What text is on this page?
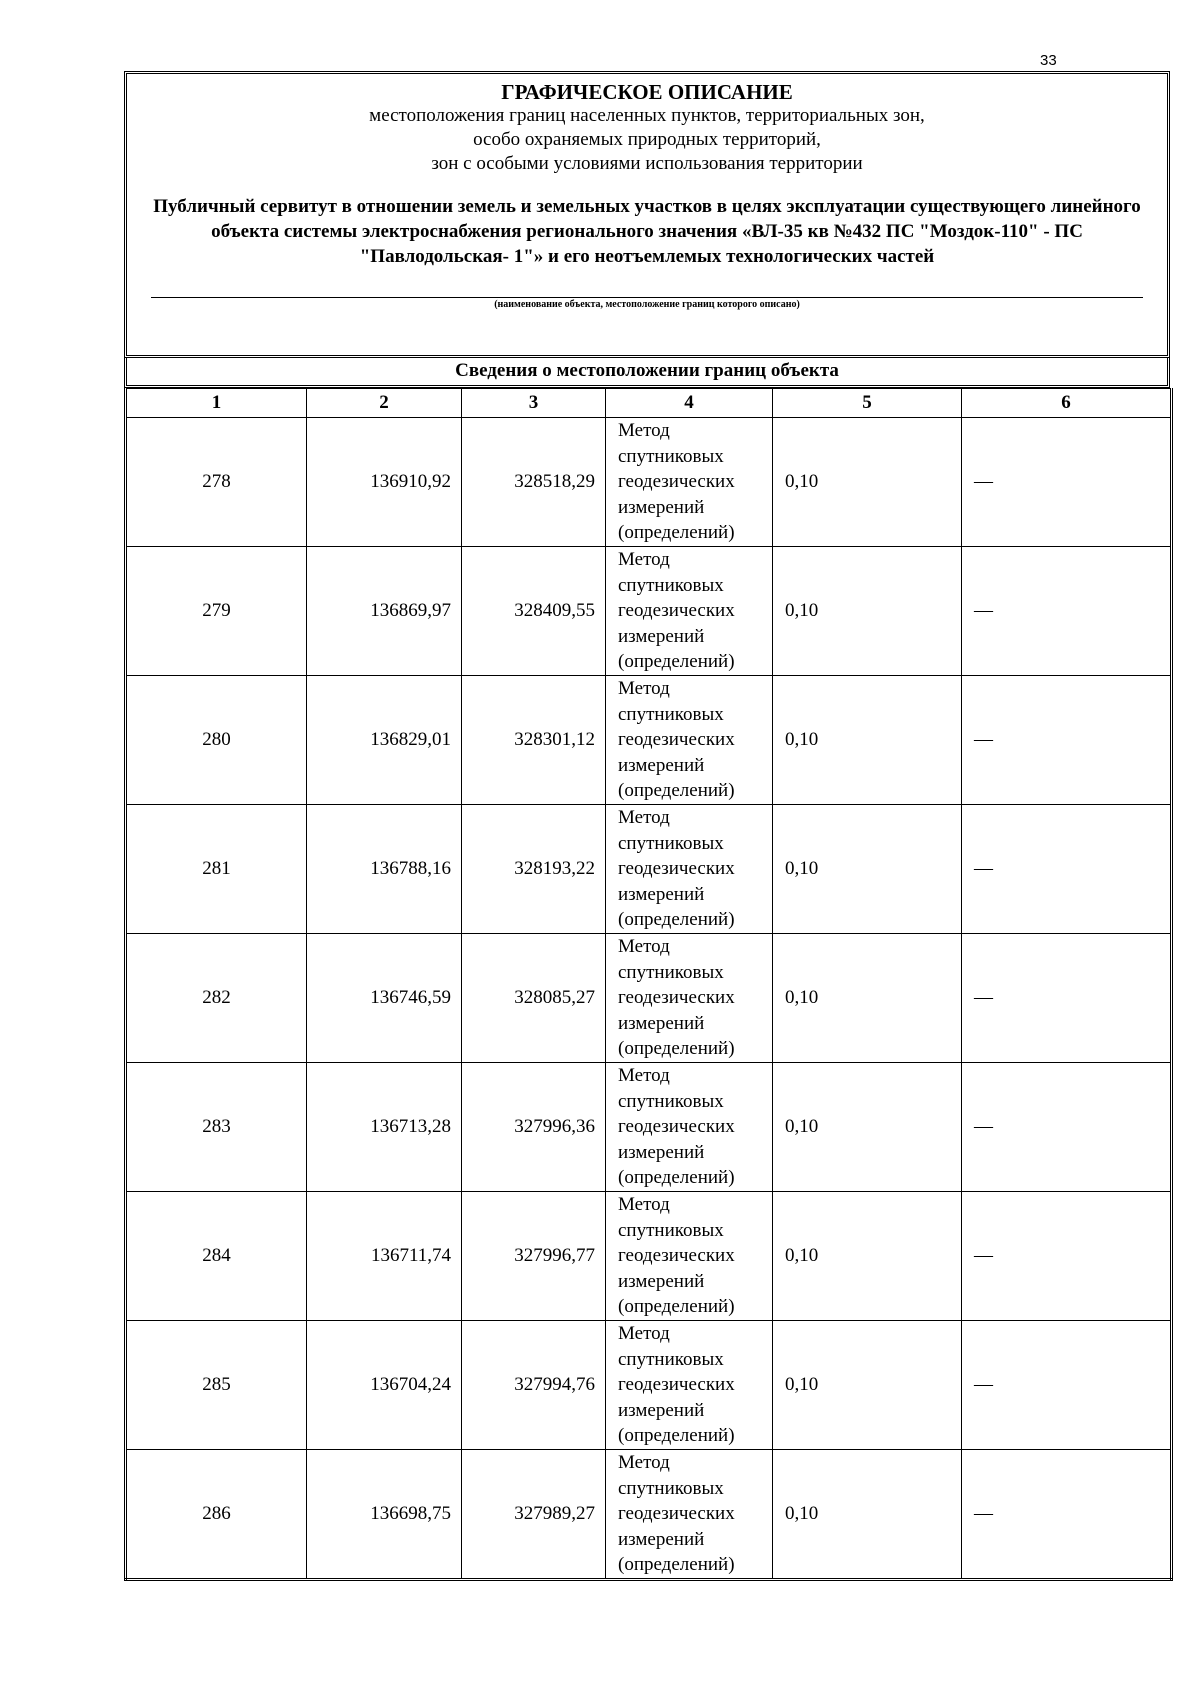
33
ГРАФИЧЕСКОЕ ОПИСАНИЕ
местоположения границ населенных пунктов, территориальных зон,
особо охраняемых природных территорий,
зон с особыми условиями использования территории
Публичный сервитут в отношении земель и земельных участков в целях эксплуатации существующего линейного объекта системы электроснабжения регионального значения «ВЛ-35 кв №432 ПС "Моздок-110" - ПС "Павлодольская- 1"» и его неотъемлемых технологических частей
(наименование объекта, местоположение границ которого описано)
Сведения о местоположении границ объекта
1	2	3	4	5	6
278	136910,92	328518,29	Метод
спутниковых
геодезических
измерений
(определений)	0,10	—
279	136869,97	328409,55	Метод
спутниковых
геодезических
измерений
(определений)	0,10	—
280	136829,01	328301,12	Метод
спутниковых
геодезических
измерений
(определений)	0,10	—
281	136788,16	328193,22	Метод
спутниковых
геодезических
измерений
(определений)	0,10	—
282	136746,59	328085,27	Метод
спутниковых
геодезических
измерений
(определений)	0,10	—
283	136713,28	327996,36	Метод
спутниковых
геодезических
измерений
(определений)	0,10	—
284	136711,74	327996,77	Метод
спутниковых
геодезических
измерений
(определений)	0,10	—
285	136704,24	327994,76	Метод
спутниковых
геодезических
измерений
(определений)	0,10	—
286	136698,75	327989,27	Метод
спутниковых
геодезических
измерений
(определений)	0,10	—
